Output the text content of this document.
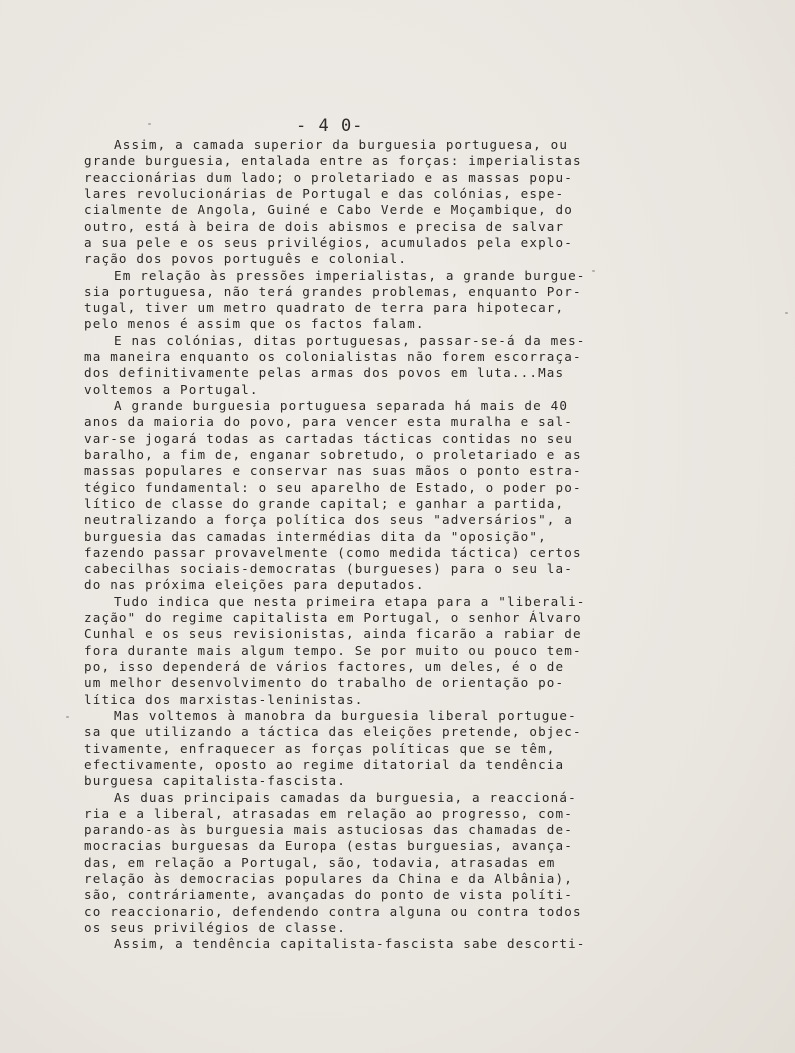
- 4 0-
Assim, a camada superior da burguesia portuguesa, ou
grande burguesia, entalada entre as forças: imperialistas
reaccionárias dum lado; o proletariado e as massas popu-
lares revolucionárias de Portugal e das colónias, espe-
cialmente de Angola, Guiné e Cabo Verde e Moçambique, do
outro, está à beira de dois abismos e precisa de salvar
a sua pele e os seus privilégios, acumulados pela explo-
ração dos povos português e colonial.
Em relação às pressões imperialistas, a grande burgue-
sia portuguesa, não terá grandes problemas, enquanto Por-
tugal, tiver um metro quadrato de terra para hipotecar,
pelo menos é assim que os factos falam.
E nas colónias, ditas portuguesas, passar-se-á da mes-
ma maneira enquanto os colonialistas não forem escorraça-
dos definitivamente pelas armas dos povos em luta...Mas
voltemos a Portugal.
A grande burguesia portuguesa separada há mais de 40
anos da maioria do povo, para vencer esta muralha e sal-
var-se jogará todas as cartadas tácticas contidas no seu
baralho, a fim de, enganar sobretudo, o proletariado e as
massas populares e conservar nas suas mãos o ponto estra-
tégico fundamental: o seu aparelho de Estado, o poder po-
lítico de classe do grande capital; e ganhar a partida,
neutralizando a força política dos seus "adversários", a
burguesia das camadas intermédias dita da "oposição",
fazendo passar provavelmente (como medida táctica) certos
cabecilhas sociais-democratas (burgueses) para o seu la-
do nas próxima eleições para deputados.
Tudo indica que nesta primeira etapa para a "liberali-
zação" do regime capitalista em Portugal, o senhor Álvaro
Cunhal e os seus revisionistas, ainda ficarão a rabiar de
fora durante mais algum tempo. Se por muito ou pouco tem-
po, isso dependerá de vários factores, um deles, é o de
um melhor desenvolvimento do trabalho de orientação po-
lítica dos marxistas-leninistas.
Mas voltemos à manobra da burguesia liberal portugue-
sa que utilizando a táctica das eleições pretende, objec-
tivamente, enfraquecer as forças políticas que se têm,
efectivamente, oposto ao regime ditatorial da tendência
burguesa capitalista-fascista.
As duas principais camadas da burguesia, a reaccioná-
ria e a liberal, atrasadas em relação ao progresso, com-
parando-as às burguesia mais astuciosas das chamadas de-
mocracias burguesas da Europa (estas burguesias, avança-
das, em relação a Portugal, são, todavia, atrasadas em
relação às democracias populares da China e da Albânia),
são, contráriamente, avançadas do ponto de vista políti-
co reaccionario, defendendo contra alguna ou contra todos
os seus privilégios de classe.
Assim, a tendência capitalista-fascista sabe descorti-
